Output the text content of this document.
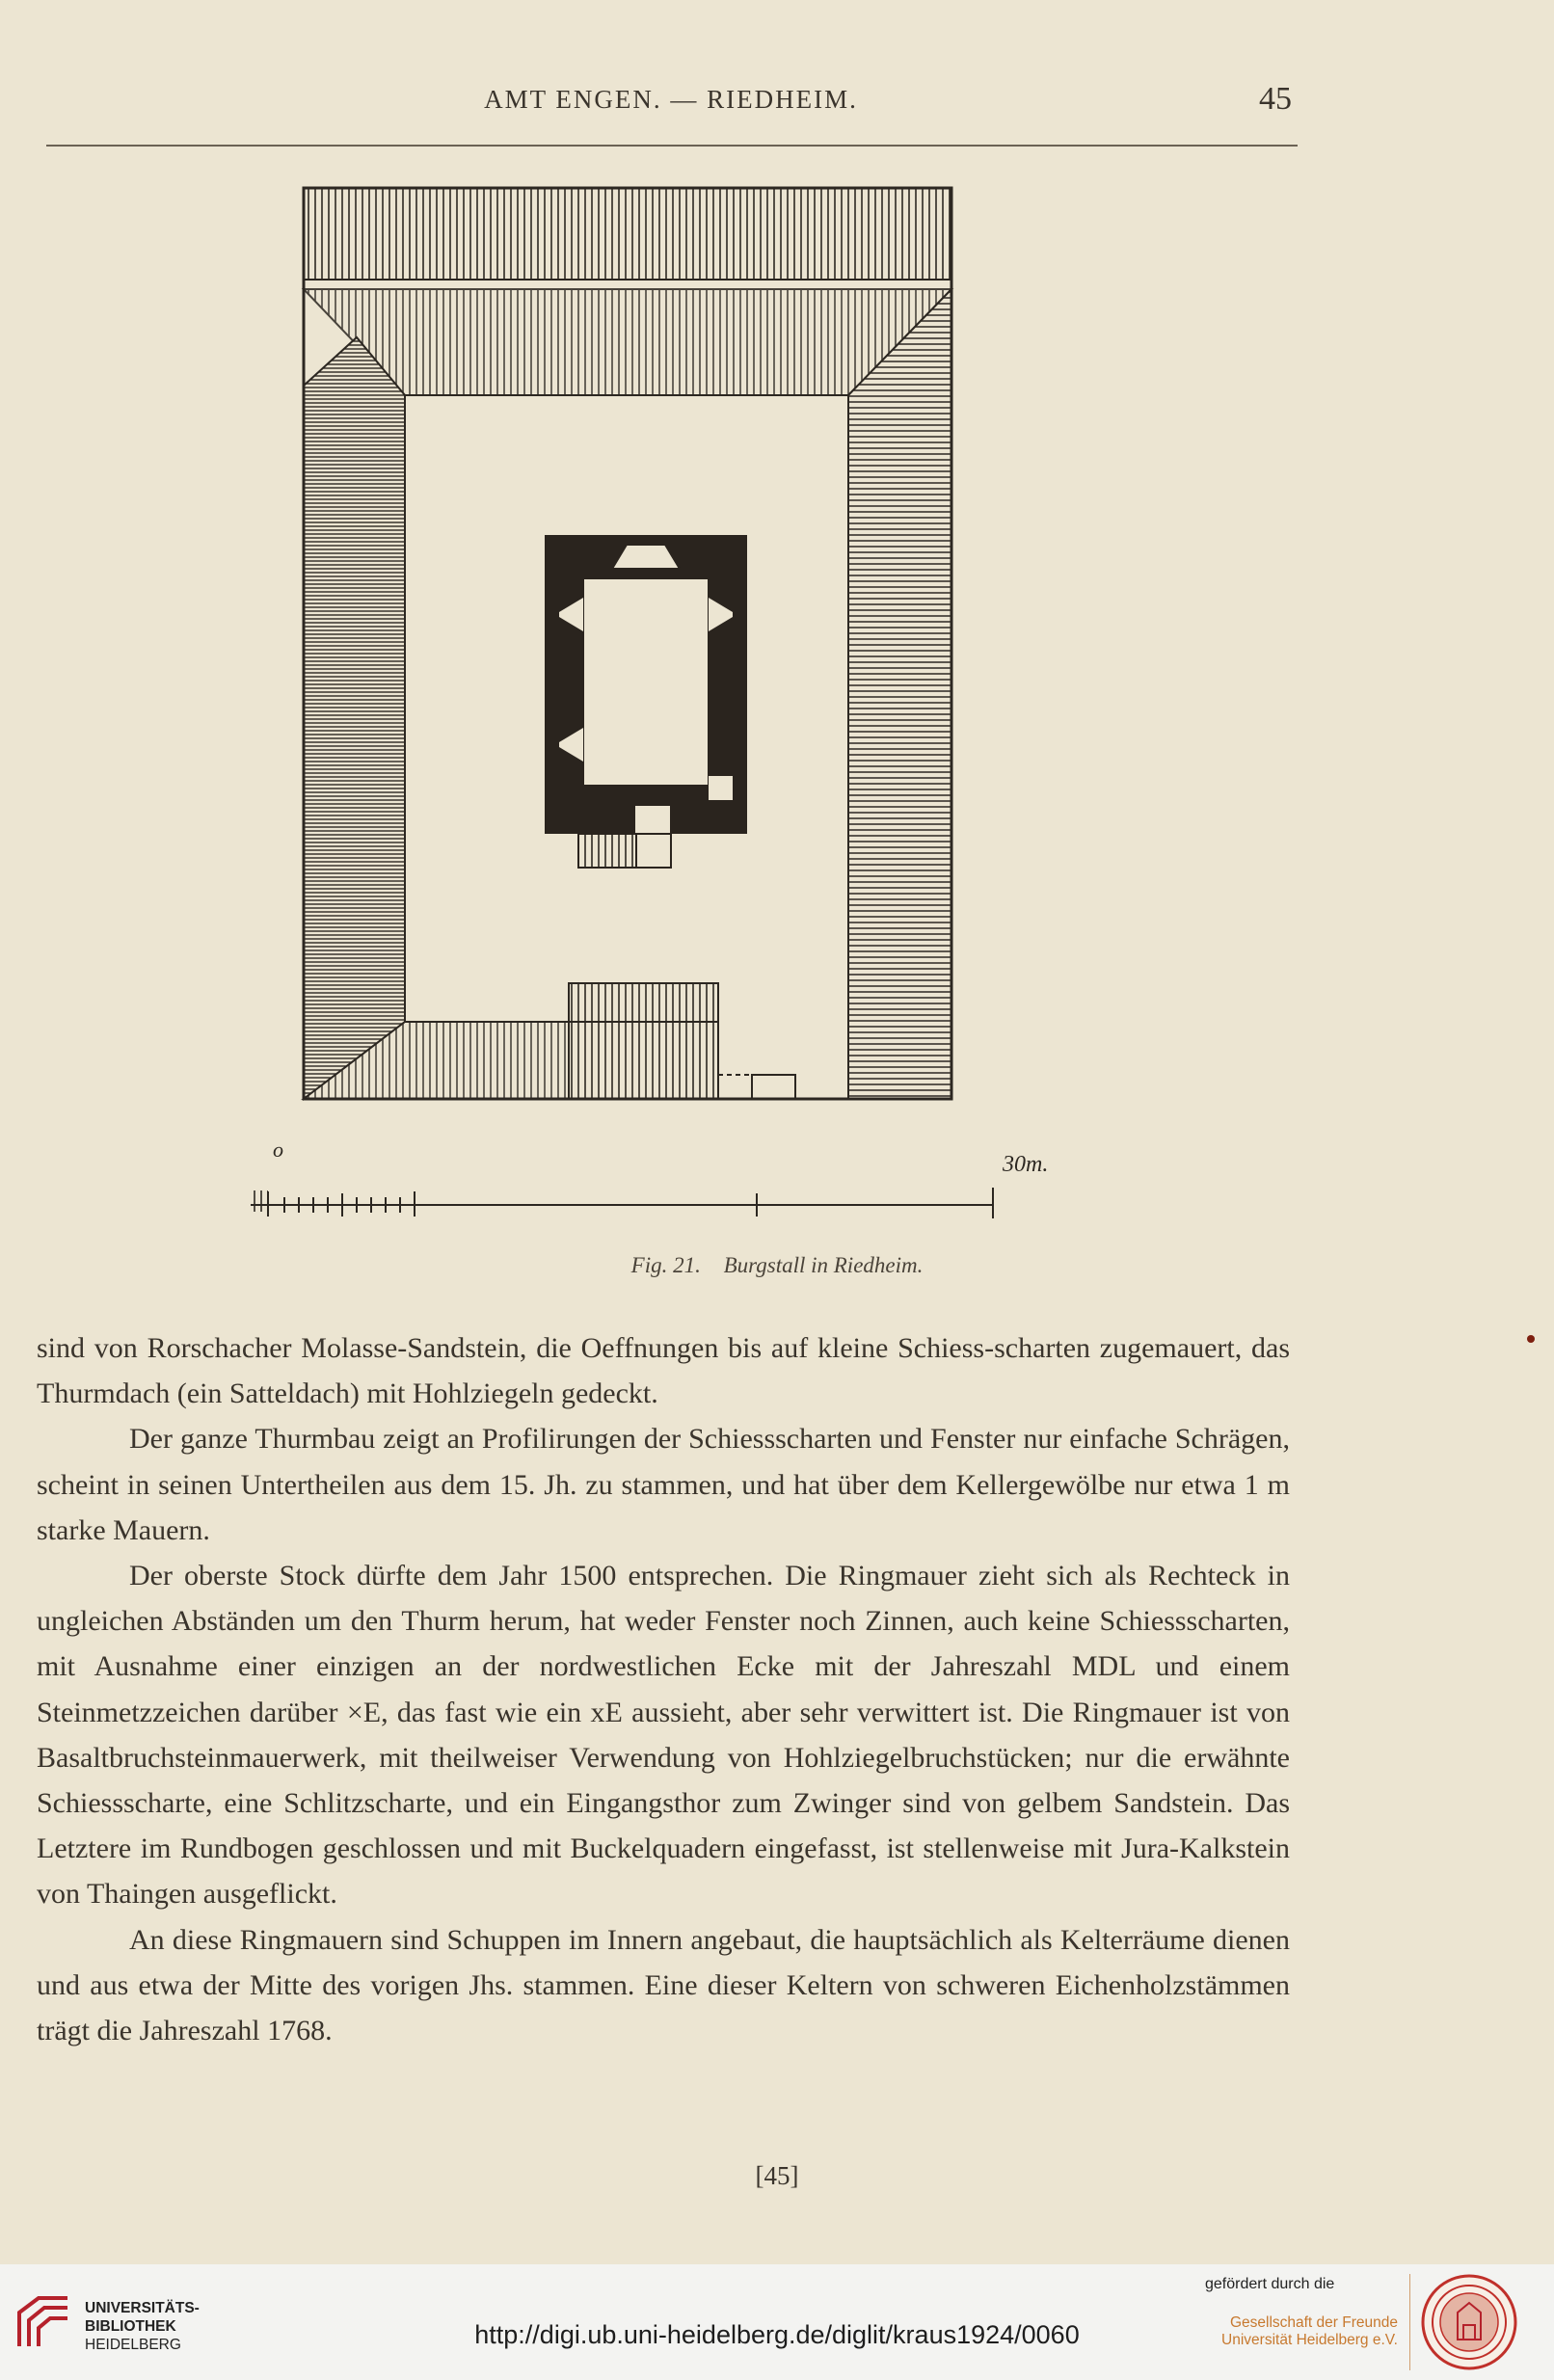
AMT ENGEN. — RIEDHEIM.	45
o
30m.
Fig. 21. Burgstall in Riedheim.

sind von Rorschacher Molasse-Sandstein, die Oeffnungen bis auf kleine Schiess-scharten zugemauert, das Thurmdach (ein Satteldach) mit Hohlziegeln gedeckt.

Der ganze Thurmbau zeigt an Profilirungen der Schiessscharten und Fenster nur einfache Schrägen, scheint in seinen Untertheilen aus dem 15. Jh. zu stammen, und hat über dem Kellergewölbe nur etwa 1 m starke Mauern.

Der oberste Stock dürfte dem Jahr 1500 entsprechen. Die Ringmauer zieht sich als Rechteck in ungleichen Abständen um den Thurm herum, hat weder Fenster noch Zinnen, auch keine Schiessscharten, mit Ausnahme einer einzigen an der nordwestlichen Ecke mit der Jahreszahl MDL und einem Steinmetzzeichen darüber ×E, das fast wie ein xE aussieht, aber sehr verwittert ist. Die Ringmauer ist von Basaltbruchsteinmauerwerk, mit theilweiser Verwendung von Hohlziegelbruchstücken; nur die erwähnte Schiessscharte, eine Schlitzscharte, und ein Eingangsthor zum Zwinger sind von gelbem Sandstein. Das Letztere im Rundbogen geschlossen und mit Buckelquadern eingefasst, ist stellenweise mit Jura-Kalkstein von Thaingen ausgeflickt.

An diese Ringmauern sind Schuppen im Innern angebaut, die hauptsächlich als Kelterräume dienen und aus etwa der Mitte des vorigen Jhs. stammen. Eine dieser Keltern von schweren Eichenholzstämmen trägt die Jahreszahl 1768.

[45]
UNIVERSITÄTS-
BIBLIOTHEK
HEIDELBERG	http://digi.ub.uni-heidelberg.de/diglit/kraus1924/0060
gefördert durch die
Gesellschaft der Freunde
Universität Heidelberg e.V.
